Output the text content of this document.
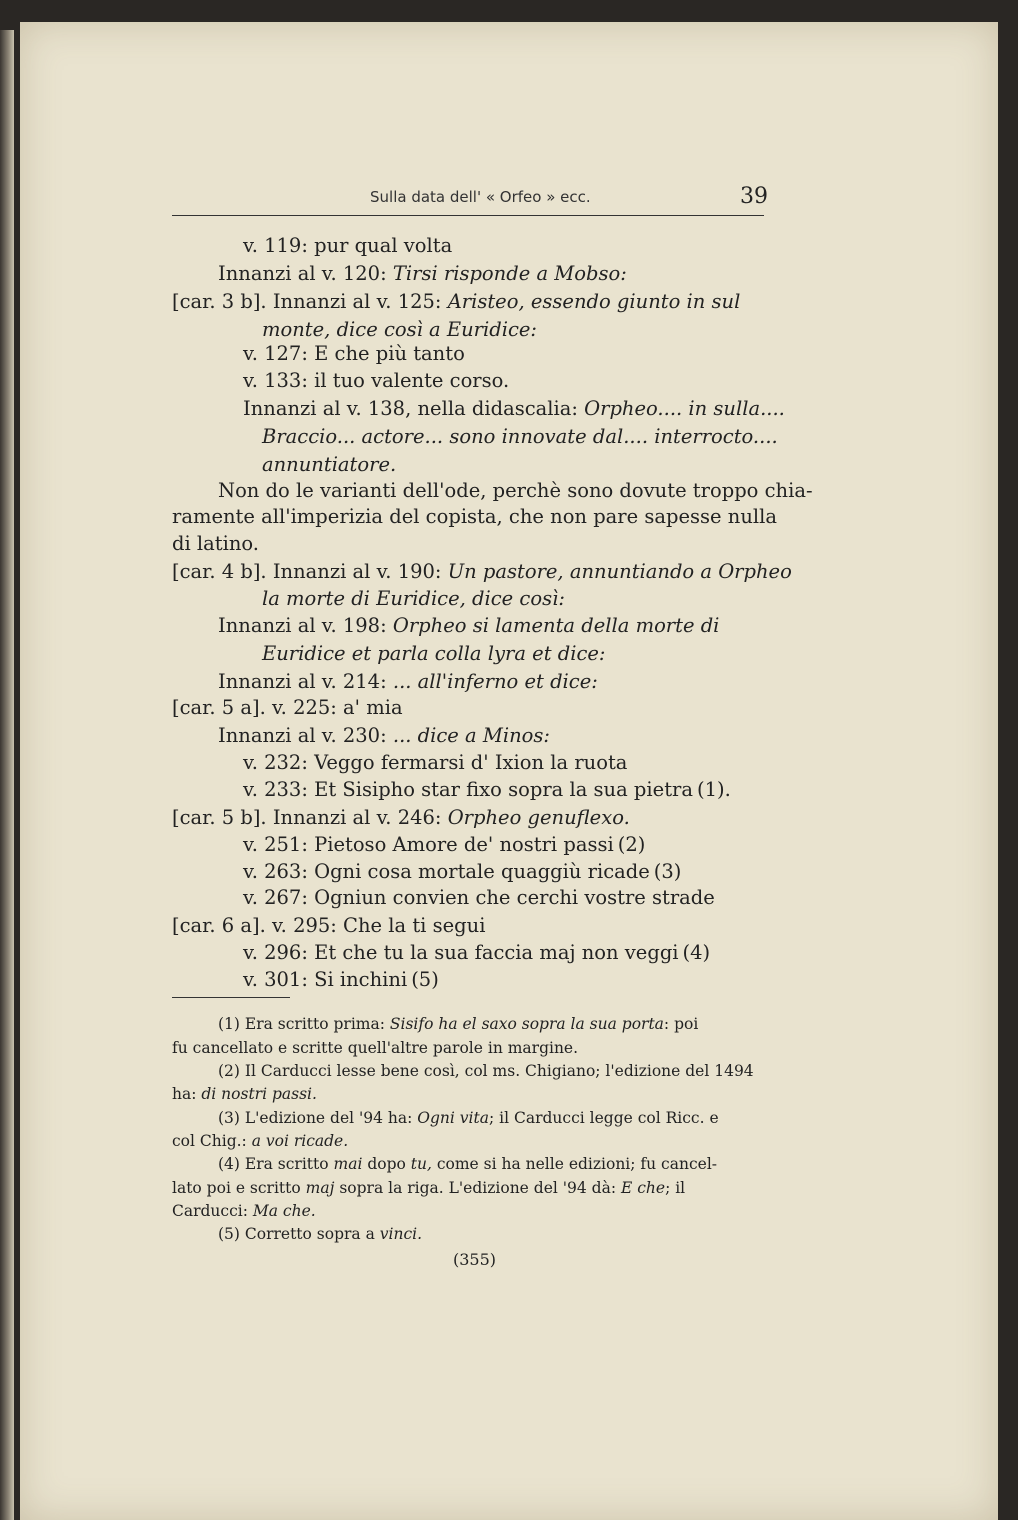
Sulla data dell' « Orfeo » ecc.	39
v. 119: pur qual volta
Innanzi al v. 120: Tirsi risponde a Mobso:
[car. 3 b]. Innanzi al v. 125: Aristeo, essendo giunto in sul
monte, dice così a Euridice:
v. 127: E che più tanto
v. 133: il tuo valente corso.
Innanzi al v. 138, nella didascalia: Orpheo.... in sulla....
Braccio... actore... sono innovate dal.... interrocto....
annuntiatore.
Non do le varianti dell'ode, perchè sono dovute troppo chia-
ramente all'imperizia del copista, che non pare sapesse nulla
di latino.
[car. 4 b]. Innanzi al v. 190: Un pastore, annuntiando a Orpheo
la morte di Euridice, dice così:
Innanzi al v. 198: Orpheo si lamenta della morte di
Euridice et parla colla lyra et dice:
Innanzi al v. 214: ... all'inferno et dice:
[car. 5 a]. v. 225: a' mia
Innanzi al v. 230: ... dice a Minos:
v. 232: Veggo fermarsi d' Ixion la ruota
v. 233: Et Sisipho star fixo sopra la sua pietra (1).
[car. 5 b]. Innanzi al v. 246: Orpheo genuflexo.
v. 251: Pietoso Amore de' nostri passi (2)
v. 263: Ogni cosa mortale quaggiù ricade (3)
v. 267: Ogniun convien che cerchi vostre strade
[car. 6 a]. v. 295: Che la ti segui
v. 296: Et che tu la sua faccia maj non veggi (4)
v. 301: Si inchini (5)
(1) Era scritto prima: Sisifo ha el saxo sopra la sua porta: poi
fu cancellato e scritte quell'altre parole in margine.
(2) Il Carducci lesse bene così, col ms. Chigiano; l'edizione del 1494
ha: di nostri passi.
(3) L'edizione del '94 ha: Ogni vita; il Carducci legge col Ricc. e
col Chig.: a voi ricade.
(4) Era scritto mai dopo tu, come si ha nelle edizioni; fu cancel-
lato poi e scritto maj sopra la riga. L'edizione del '94 dà: E che; il
Carducci: Ma che.
(5) Corretto sopra a vinci.
(355)
